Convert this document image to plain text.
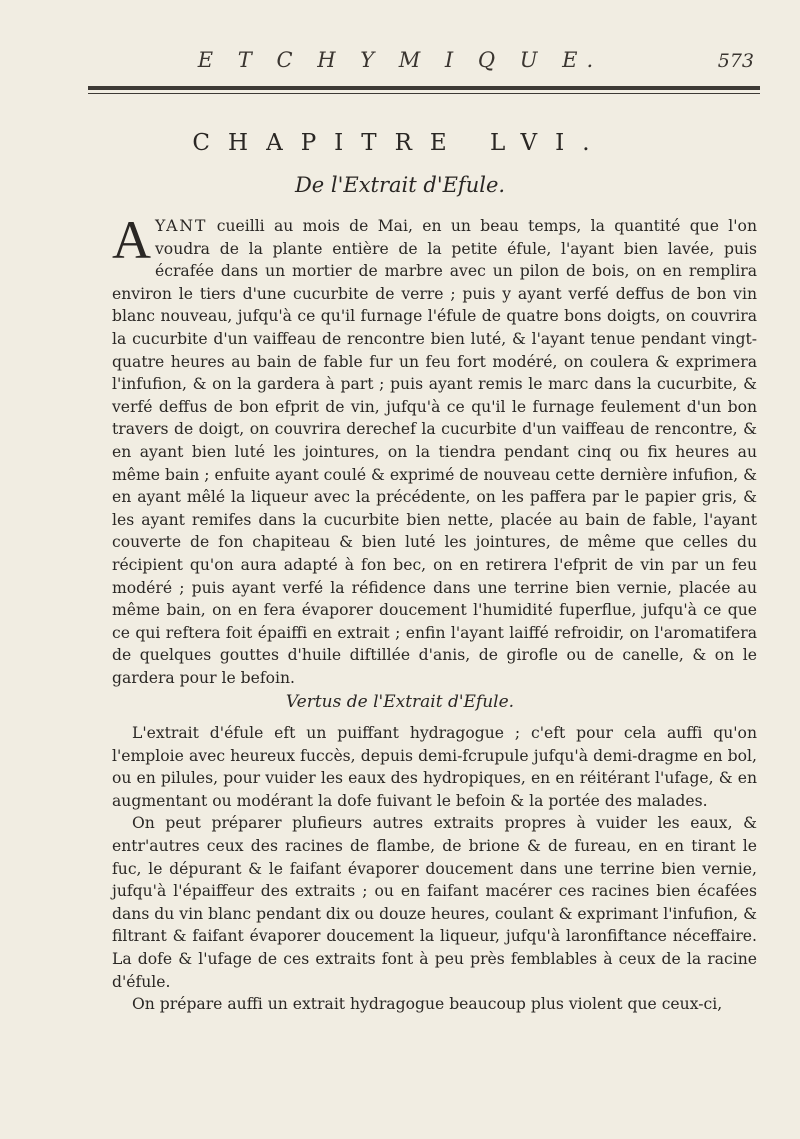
E T C H Y M I Q U E.	573
CHAPITRE LVI.
De l'Extrait d'Efule.
AYANT cueilli au mois de Mai, en un beau temps, la quantité que l'on voudra de la plante entière de la petite éfule, l'ayant bien lavée, puis écrafée dans un mortier de marbre avec un pilon de bois, on en remplira environ le tiers d'une cucurbite de verre ; puis y ayant verfé deffus de bon vin blanc nouveau, jufqu'à ce qu'il furnage l'éfule de quatre bons doigts, on couvrira la cucurbite d'un vaiffeau de rencontre bien luté, & l'ayant tenue pendant vingt-quatre heures au bain de fable fur un feu fort modéré, on coulera & exprimera l'infufion, & on la gardera à part ; puis ayant remis le marc dans la cucurbite, & verfé deffus de bon efprit de vin, jufqu'à ce qu'il le furnage feulement d'un bon travers de doigt, on couvrira derechef la cucurbite d'un vaiffeau de rencontre, & en ayant bien luté les jointures, on la tiendra pendant cinq ou fix heures au même bain ; enfuite ayant coulé & exprimé de nouveau cette dernière infufion, & en ayant mêlé la liqueur avec la précédente, on les paffera par le papier gris, & les ayant remifes dans la cucurbite bien nette, placée au bain de fable, l'ayant couverte de fon chapiteau & bien luté les jointures, de même que celles du récipient qu'on aura adapté à fon bec, on en retirera l'efprit de vin par un feu modéré ; puis ayant verfé la réfidence dans une terrine bien vernie, placée au même bain, on en fera évaporer doucement l'humidité fuperflue, jufqu'à ce que ce qui reftera foit épaiffi en extrait ; enfin l'ayant laiffé refroidir, on l'aromatifera de quelques gouttes d'huile diftillée d'anis, de girofle ou de canelle, & on le gardera pour le befoin.
Vertus de l'Extrait d'Efule.

L'extrait d'éfule eft un puiffant hydragogue ; c'eft pour cela auffi qu'on l'emploie avec heureux fuccès, depuis demi-fcrupule jufqu'à demi-dragme en bol, ou en pilules, pour vuider les eaux des hydropiques, en en réitérant l'ufage, & en augmentant ou modérant la dofe fuivant le befoin & la portée des malades.

On peut préparer plufieurs autres extraits propres à vuider les eaux, & entr'autres ceux des racines de flambe, de brione & de fureau, en en tirant le fuc, le dépurant & le faifant évaporer doucement dans une terrine bien vernie, jufqu'à l'épaiffeur des extraits ; ou en faifant macérer ces racines bien écafées dans du vin blanc pendant dix ou douze heures, coulant & exprimant l'infufion, & filtrant & faifant évaporer doucement la liqueur, jufqu'à laronfiftance néceffaire. La dofe & l'ufage de ces extraits font à peu près femblables à ceux de la racine d'éfule.

On prépare auffi un extrait hydragogue beaucoup plus violent que ceux-ci,
